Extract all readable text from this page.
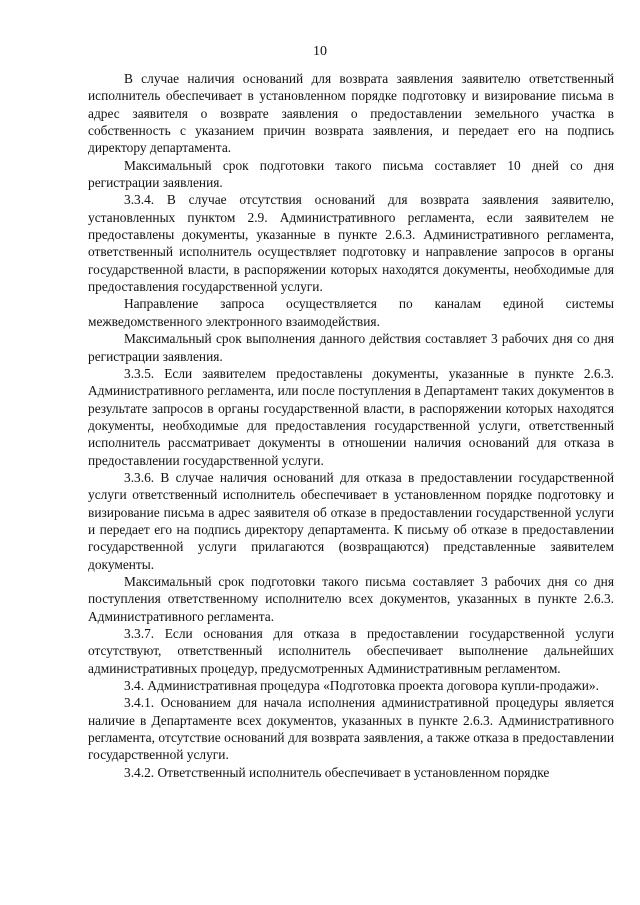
10

В случае наличия оснований для возврата заявления заявителю ответственный исполнитель обеспечивает в установленном порядке подготовку и визирование письма в адрес заявителя о возврате заявления о предоставлении земельного участка в собственность с указанием причин возврата заявления, и передает его на подпись директору департамента.

Максимальный срок подготовки такого письма составляет 10 дней со дня регистрации заявления.

3.3.4. В случае отсутствия оснований для возврата заявления заявителю, установленных пунктом 2.9. Административного регламента, если заявителем не предоставлены документы, указанные в пункте 2.6.3. Административного регламента, ответственный исполнитель осуществляет подготовку и направление запросов в органы государственной власти, в распоряжении которых находятся документы, необходимые для предоставления государственной услуги.

Направление запроса осуществляется по каналам единой системы межведомственного электронного взаимодействия.

Максимальный срок выполнения данного действия составляет 3 рабочих дня со дня регистрации заявления.

3.3.5. Если заявителем предоставлены документы, указанные в пункте 2.6.3. Административного регламента, или после поступления в Департамент таких документов в результате запросов в органы государственной власти, в распоряжении которых находятся документы, необходимые для предоставления государственной услуги, ответственный исполнитель рассматривает документы в отношении наличия оснований для отказа в предоставлении государственной услуги.

3.3.6. В случае наличия оснований для отказа в предоставлении государственной услуги ответственный исполнитель обеспечивает в установленном порядке подготовку и визирование письма в адрес заявителя об отказе в предоставлении государственной услуги и передает его на подпись директору департамента. К письму об отказе в предоставлении государственной услуги прилагаются (возвращаются) представленные заявителем документы.

Максимальный срок подготовки такого письма составляет 3 рабочих дня со дня поступления ответственному исполнителю всех документов, указанных в пункте 2.6.3. Административного регламента.

3.3.7. Если основания для отказа в предоставлении государственной услуги отсутствуют, ответственный исполнитель обеспечивает выполнение дальнейших административных процедур, предусмотренных Административным регламентом.

3.4. Административная процедура «Подготовка проекта договора купли-продажи».

3.4.1. Основанием для начала исполнения административной процедуры является наличие в Департаменте всех документов, указанных в пункте 2.6.3. Административного регламента, отсутствие оснований для возврата заявления, а также отказа в предоставлении государственной услуги.

3.4.2. Ответственный исполнитель обеспечивает в установленном порядке
